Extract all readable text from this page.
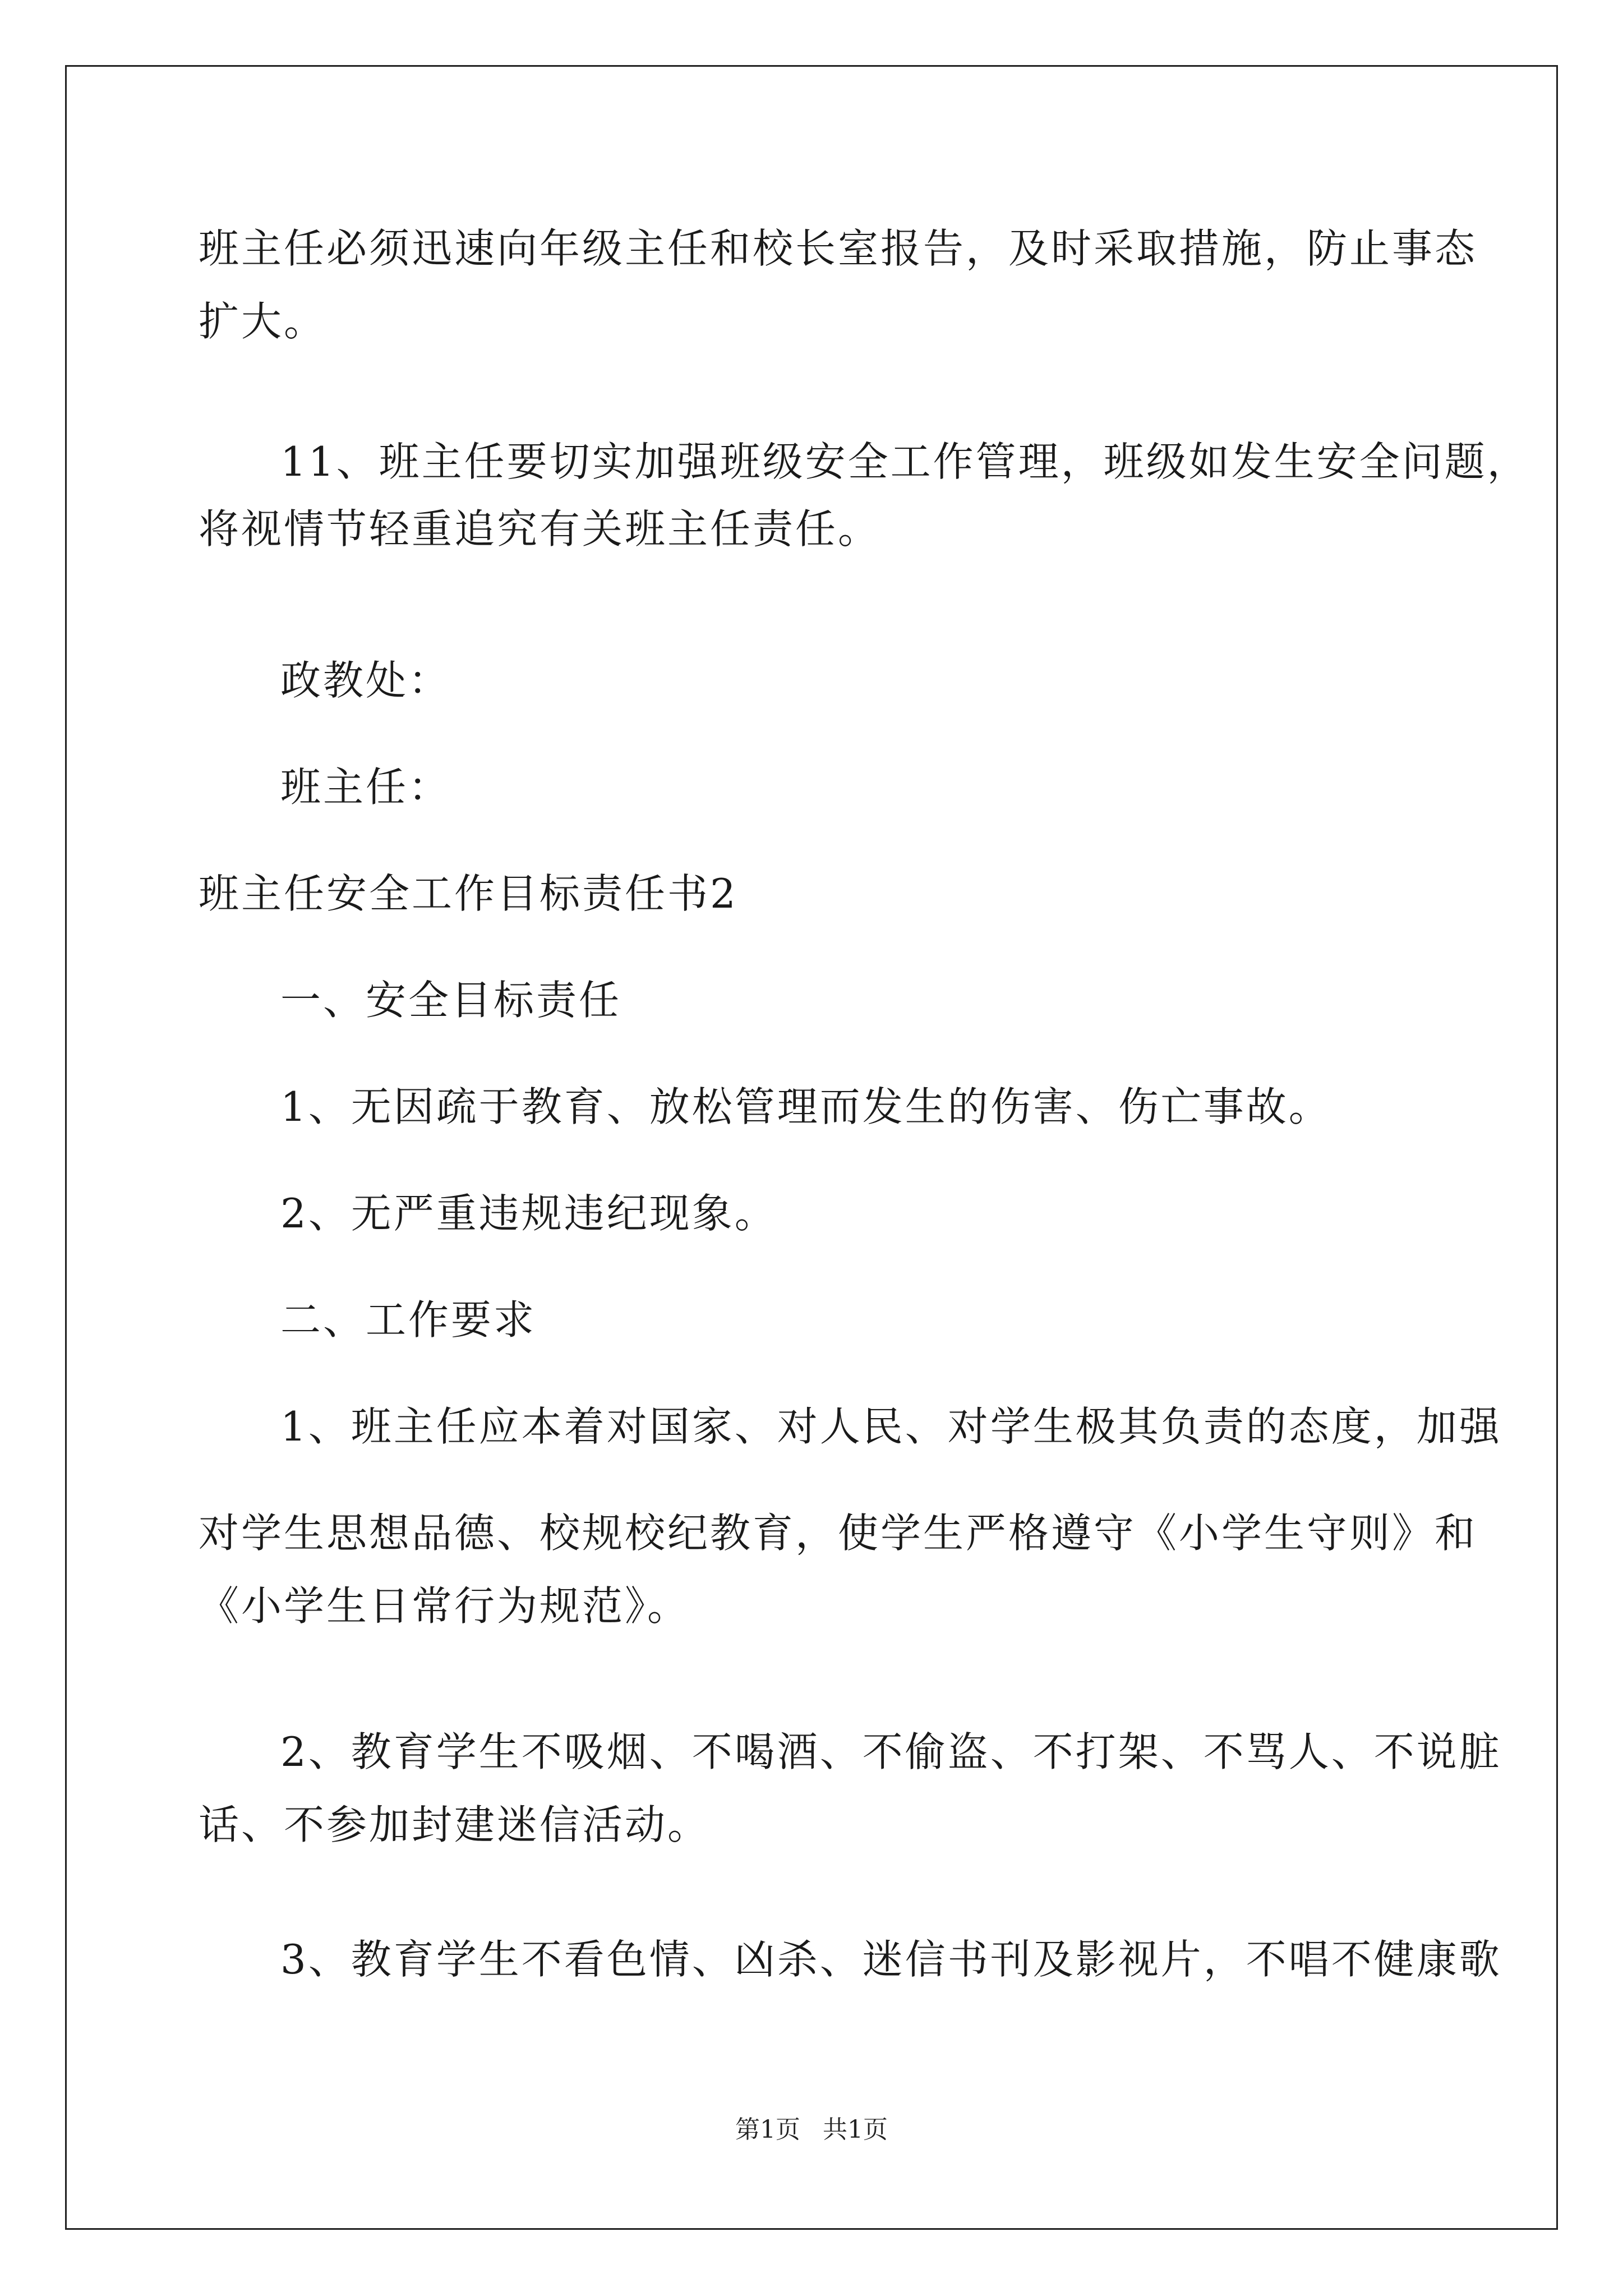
班主任必须迅速向年级主任和校长室报告，及时采取措施，防止事态
扩大。
11、班主任要切实加强班级安全工作管理，班级如发生安全问题，
将视情节轻重追究有关班主任责任。
政教处：
班主任：
班主任安全工作目标责任书2
一、安全目标责任
1、无因疏于教育、放松管理而发生的伤害、伤亡事故。
2、无严重违规违纪现象。
二、工作要求
1、班主任应本着对国家、对人民、对学生极其负责的态度，加强
对学生思想品德、校规校纪教育，使学生严格遵守《小学生守则》和
《小学生日常行为规范》。
2、教育学生不吸烟、不喝酒、不偷盗、不打架、不骂人、不说脏
话、不参加封建迷信活动。
3、教育学生不看色情、凶杀、迷信书刊及影视片，不唱不健康歌
第1页 共1页
